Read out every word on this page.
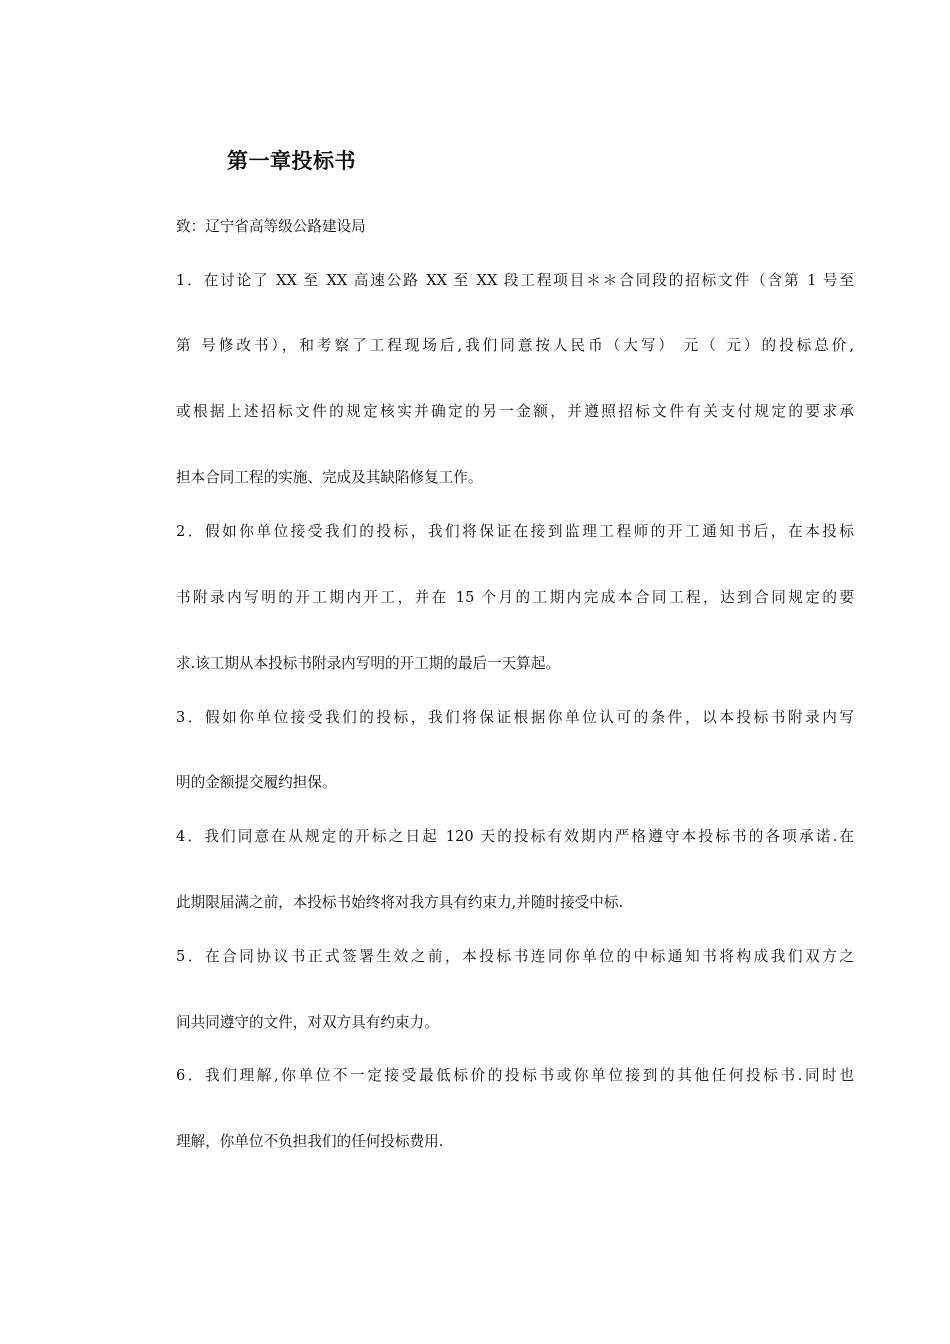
第一章投标书
致：辽宁省高等级公路建设局
1．在讨论了 XX 至 XX 高速公路 XX 至 XX 段工程项目＊＊合同段的招标文件（含第 1 号至
第 号修改书），和考察了工程现场后,我们同意按人民币（大写） 元（ 元）的投标总价,
或根据上述招标文件的规定核实并确定的另一金额，并遵照招标文件有关支付规定的要求承
担本合同工程的实施、完成及其缺陷修复工作。
2．假如你单位接受我们的投标，我们将保证在接到监理工程师的开工通知书后，在本投标
书附录内写明的开工期内开工，并在 15 个月的工期内完成本合同工程，达到合同规定的要
求.该工期从本投标书附录内写明的开工期的最后一天算起。
3．假如你单位接受我们的投标，我们将保证根据你单位认可的条件，以本投标书附录内写
明的金额提交履约担保。
4．我们同意在从规定的开标之日起 120 天的投标有效期内严格遵守本投标书的各项承诺.在
此期限届满之前，本投标书始终将对我方具有约束力,并随时接受中标.
5．在合同协议书正式签署生效之前，本投标书连同你单位的中标通知书将构成我们双方之
间共同遵守的文件，对双方具有约束力。
6．我们理解,你单位不一定接受最低标价的投标书或你单位接到的其他任何投标书.同时也
理解，你单位不负担我们的任何投标费用.
